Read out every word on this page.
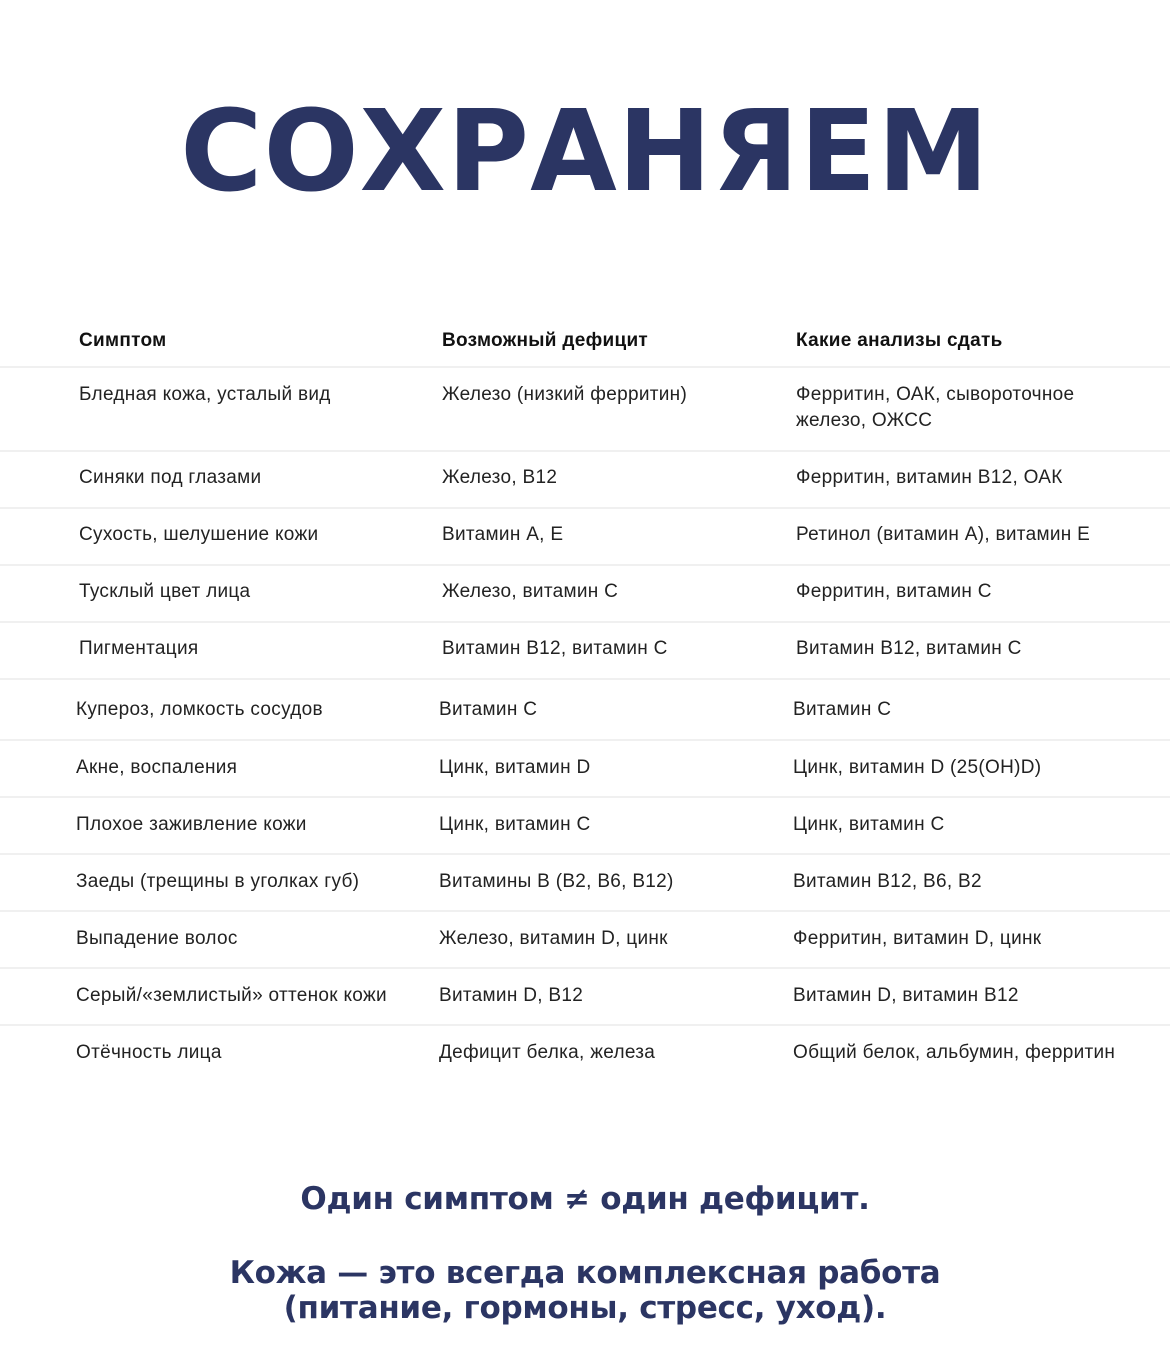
СОХРАНЯЕМ
Симптом	Возможный дефицит	Какие анализы сдать
Бледная кожа, усталый вид	Железо (низкий ферритин)	Ферритин, ОАК, сывороточное
железо, ОЖСС
Синяки под глазами	Железо, B12	Ферритин, витамин B12, ОАК
Сухость, шелушение кожи	Витамин A, E	Ретинол (витамин A), витамин E
Тусклый цвет лица	Железо, витамин C	Ферритин, витамин C
Пигментация	Витамин B12, витамин C	Витамин B12, витамин C
Купероз, ломкость сосудов	Витамин С	Витамин С
Акне, воспаления	Цинк, витамин D	Цинк, витамин D (25(OH)D)
Плохое заживление кожи	Цинк, витамин С	Цинк, витамин С
Заеды (трещины в уголках губ)	Витамины В (В2, В6, В12)	Витамин В12, В6, В2
Выпадение волос	Железо, витамин D, цинк	Ферритин, витамин D, цинк
Серый/«землистый» оттенок кожи	Витамин D, B12	Витамин D, витамин B12
Отёчность лица	Дефицит белка, железа	Общий белок, альбумин, ферритин

Один симптом ≠ один дефицит.

Кожа — это всегда комплексная работа

(питание, гормоны, стресс, уход).
